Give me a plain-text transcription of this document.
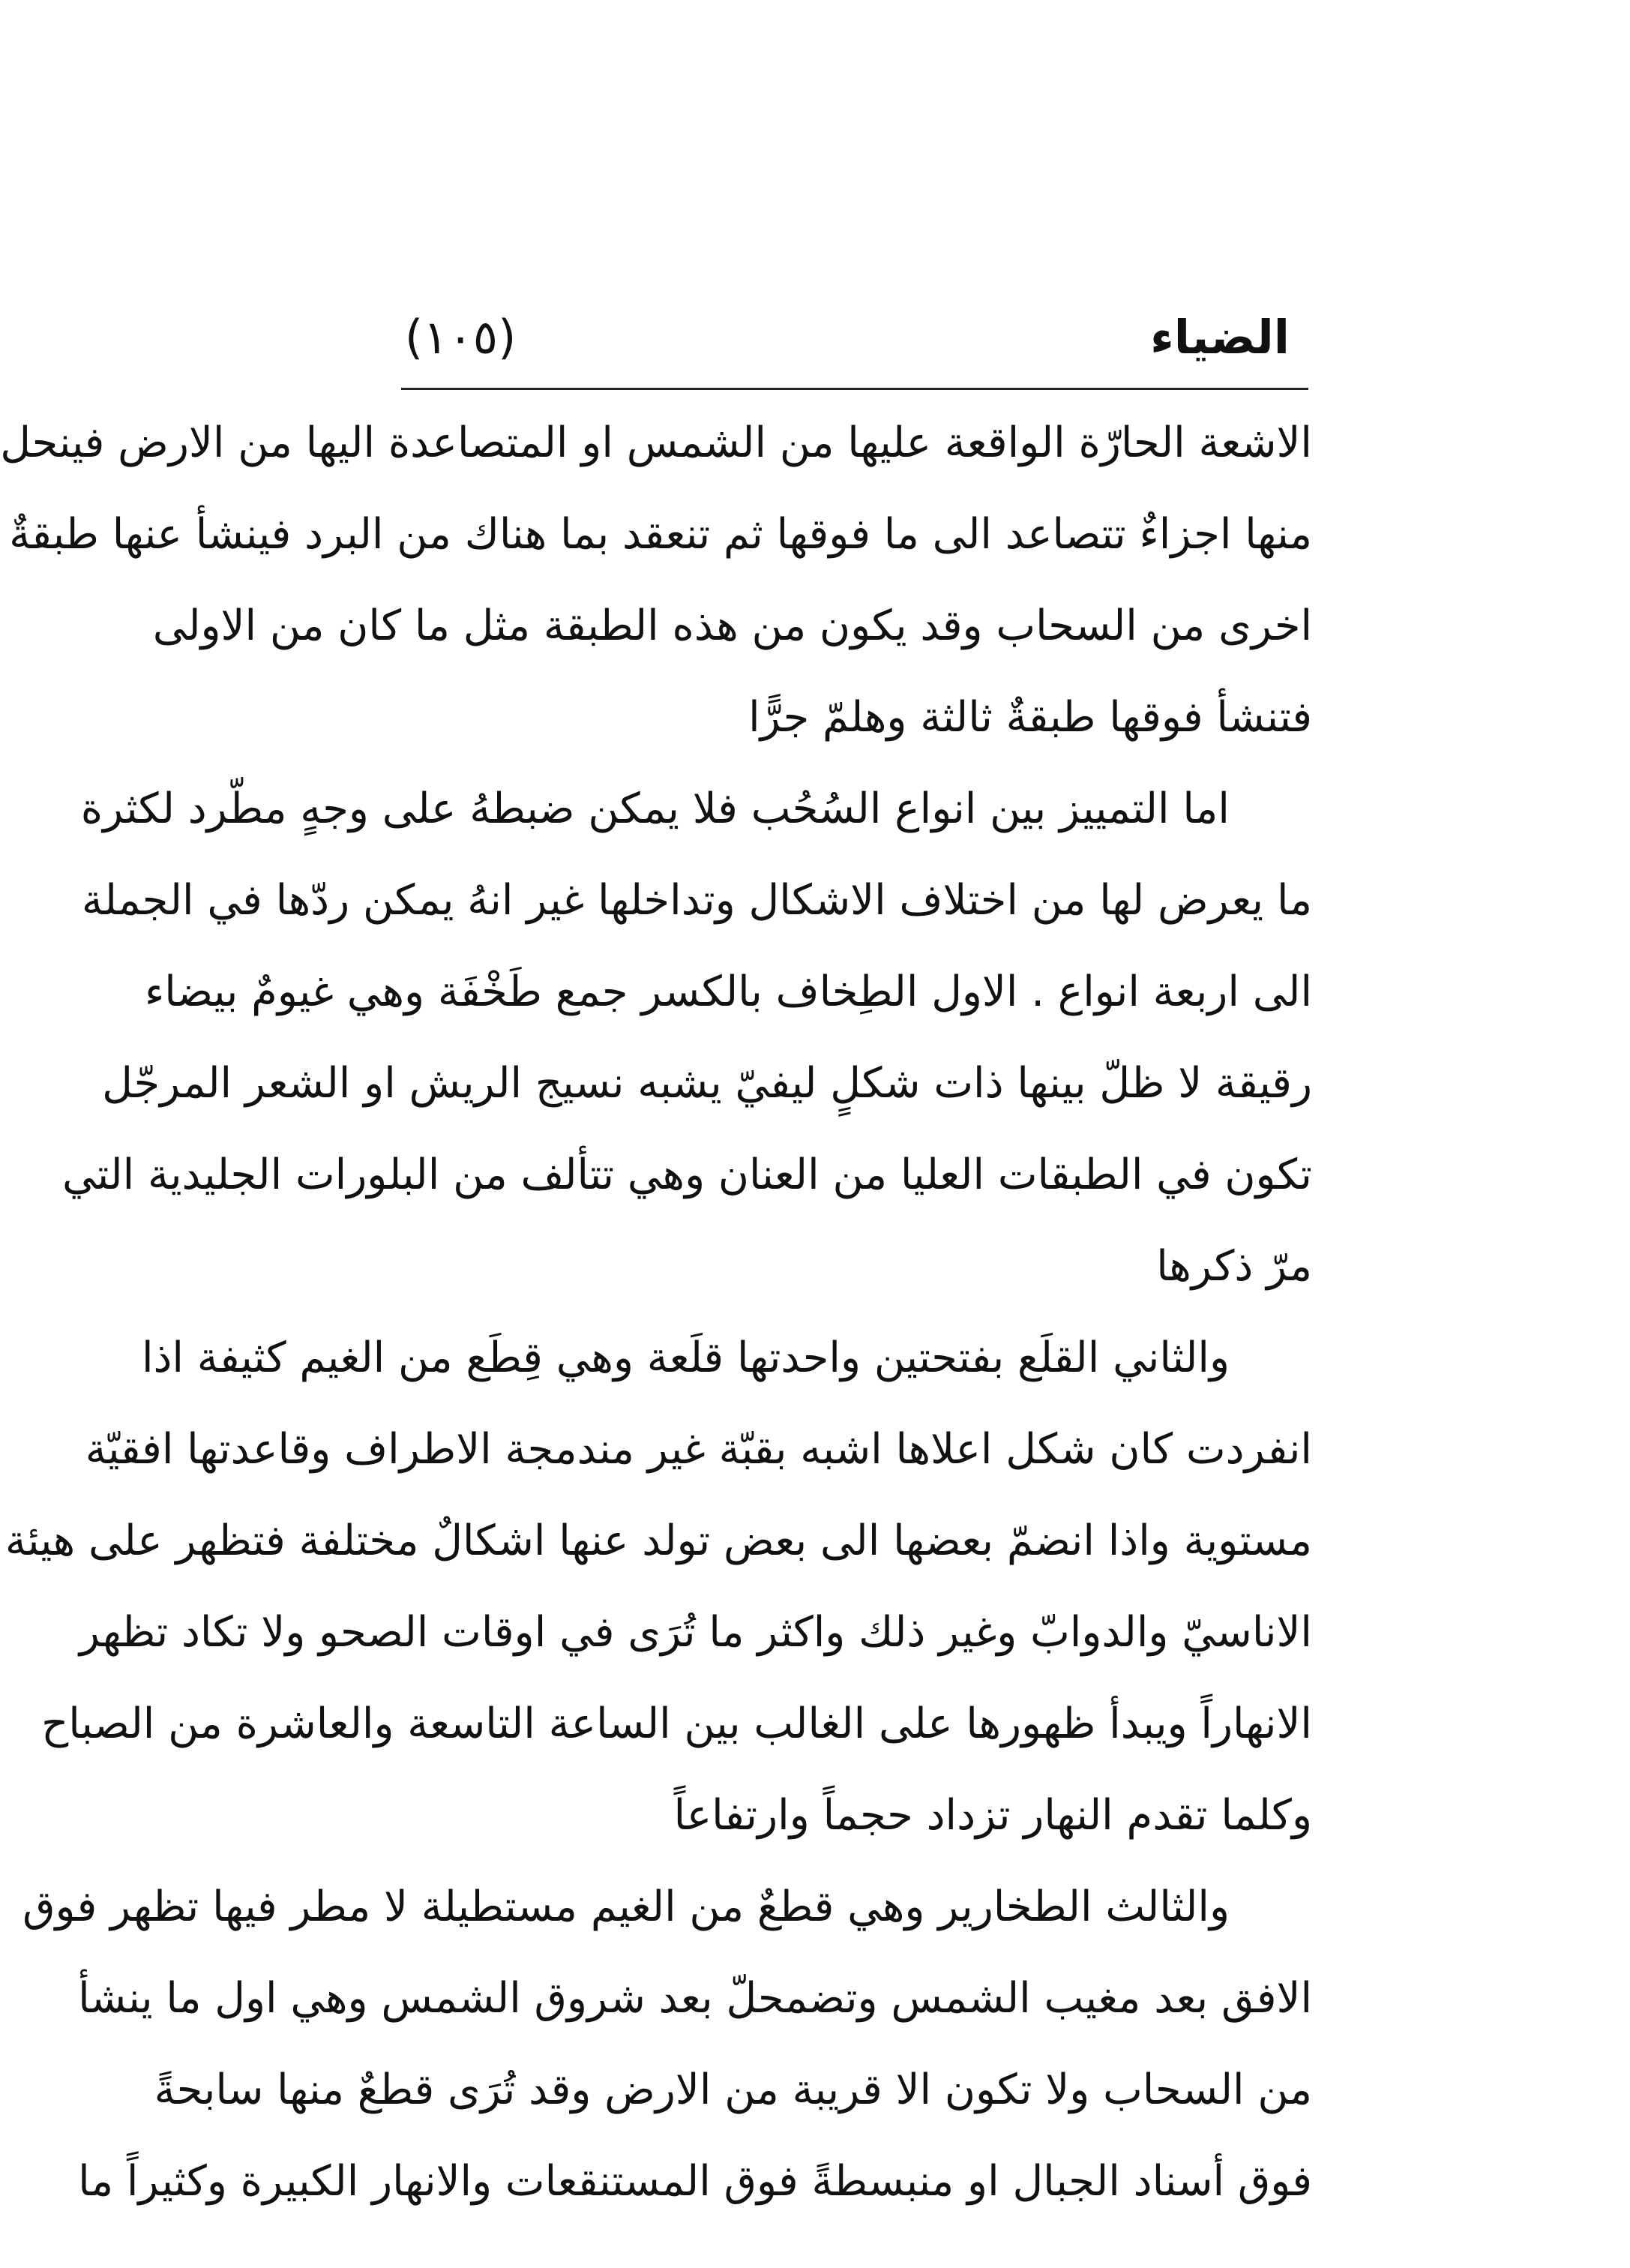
الضياء
(١٠٥)
الاشعة الحارّة الواقعة عليها من الشمس او المتصاعدة اليها من الارض فينحل
منها اجزاءٌ تتصاعد الى ما فوقها ثم تنعقد بما هناك من البرد فينشأ عنها طبقةٌ
اخرى من السحاب وقد يكون من هذه الطبقة مثل ما كان من الاولى
فتنشأ فوقها طبقةٌ ثالثة وهلمّ جرًّا
اما التمييز بين انواع السُحُب فلا يمكن ضبطهُ على وجهٍ مطّرد لكثرة
ما يعرض لها من اختلاف الاشكال وتداخلها غير انهُ يمكن ردّها في الجملة
الى اربعة انواع . الاول الطِخاف بالكسر جمع طَخْفَة وهي غيومٌ بيضاء
رقيقة لا ظلّ بينها ذات شكلٍ ليفيّ يشبه نسيج الريش او الشعر المرجّل
تكون في الطبقات العليا من العنان وهي تتألف من البلورات الجليدية التي
مرّ ذكرها
والثاني القلَع بفتحتين واحدتها قلَعة وهي قِطَع من الغيم كثيفة اذا
انفردت كان شكل اعلاها اشبه بقبّة غير مندمجة الاطراف وقاعدتها افقيّة
مستوية واذا انضمّ بعضها الى بعض تولد عنها اشكالٌ مختلفة فتظهر على هيئة
الاناسيّ والدوابّ وغير ذلك واكثر ما تُرَى في اوقات الصحو ولا تكاد تظهر
الانهاراً ويبدأ ظهورها على الغالب بين الساعة التاسعة والعاشرة من الصباح
وكلما تقدم النهار تزداد حجماً وارتفاعاً
والثالث الطخارير وهي قطعٌ من الغيم مستطيلة لا مطر فيها تظهر فوق
الافق بعد مغيب الشمس وتضمحلّ بعد شروق الشمس وهي اول ما ينشأ
من السحاب ولا تكون الا قريبة من الارض وقد تُرَى قطعٌ منها سابحةً
فوق أسناد الجبال او منبسطةً فوق المستنقعات والانهار الكبيرة وكثيراً ما
